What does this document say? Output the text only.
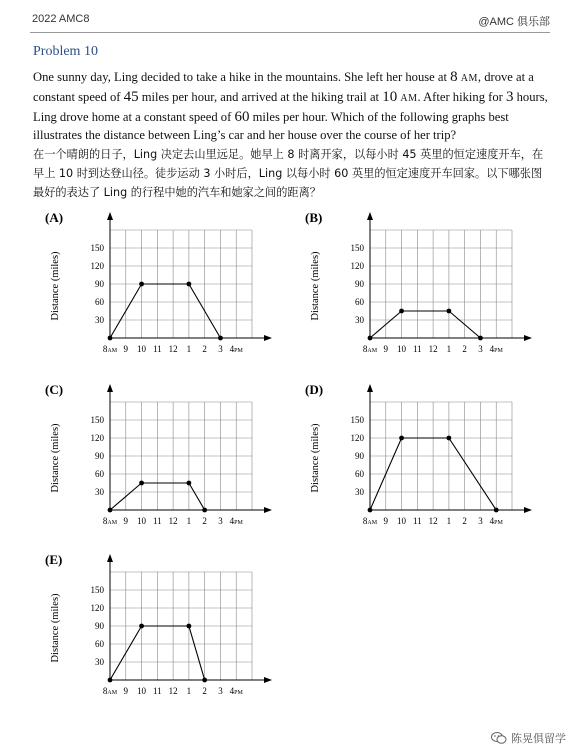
2022 AMC8	@AMC 俱乐部
Problem 10
One sunny day, Ling decided to take a hike in the mountains. She left her house at 8 AM, drove at a constant speed of 45 miles per hour, and arrived at the hiking trail at 10 AM. After hiking for 3 hours, Ling drove home at a constant speed of 60 miles per hour. Which of the following graphs best illustrates the distance between Ling’s car and her house over the course of her trip?
在一个晴朗的日子，Ling 决定去山里远足。她早上 8 时离开家，以每小时 45 英里的恒定速度开车，在早上 10 时到达登山径。徒步运动 3 小时后，Ling 以每小时 60 英里的恒定速度开车回家。以下哪张图最好的表达了 Ling 的行程中她的汽车和她家之间的距离？
(A)
30
60
90
120
150
8AM 9 10 11 12 1 2 3 4PM
Distance (miles)
(B)
30
60
90
120
150
8AM 9 10 11 12 1 2 3 4PM
Distance (miles)
(C)
30
60
90
120
150
8AM 9 10 11 12 1 2 3 4PM
Distance (miles)
(D)
30
60
90
120
150
8AM 9 10 11 12 1 2 3 4PM
Distance (miles)
(E)
30
60
90
120
150
8AM 9 10 11 12 1 2 3 4PM
Distance (miles)
陈晃俱留学
